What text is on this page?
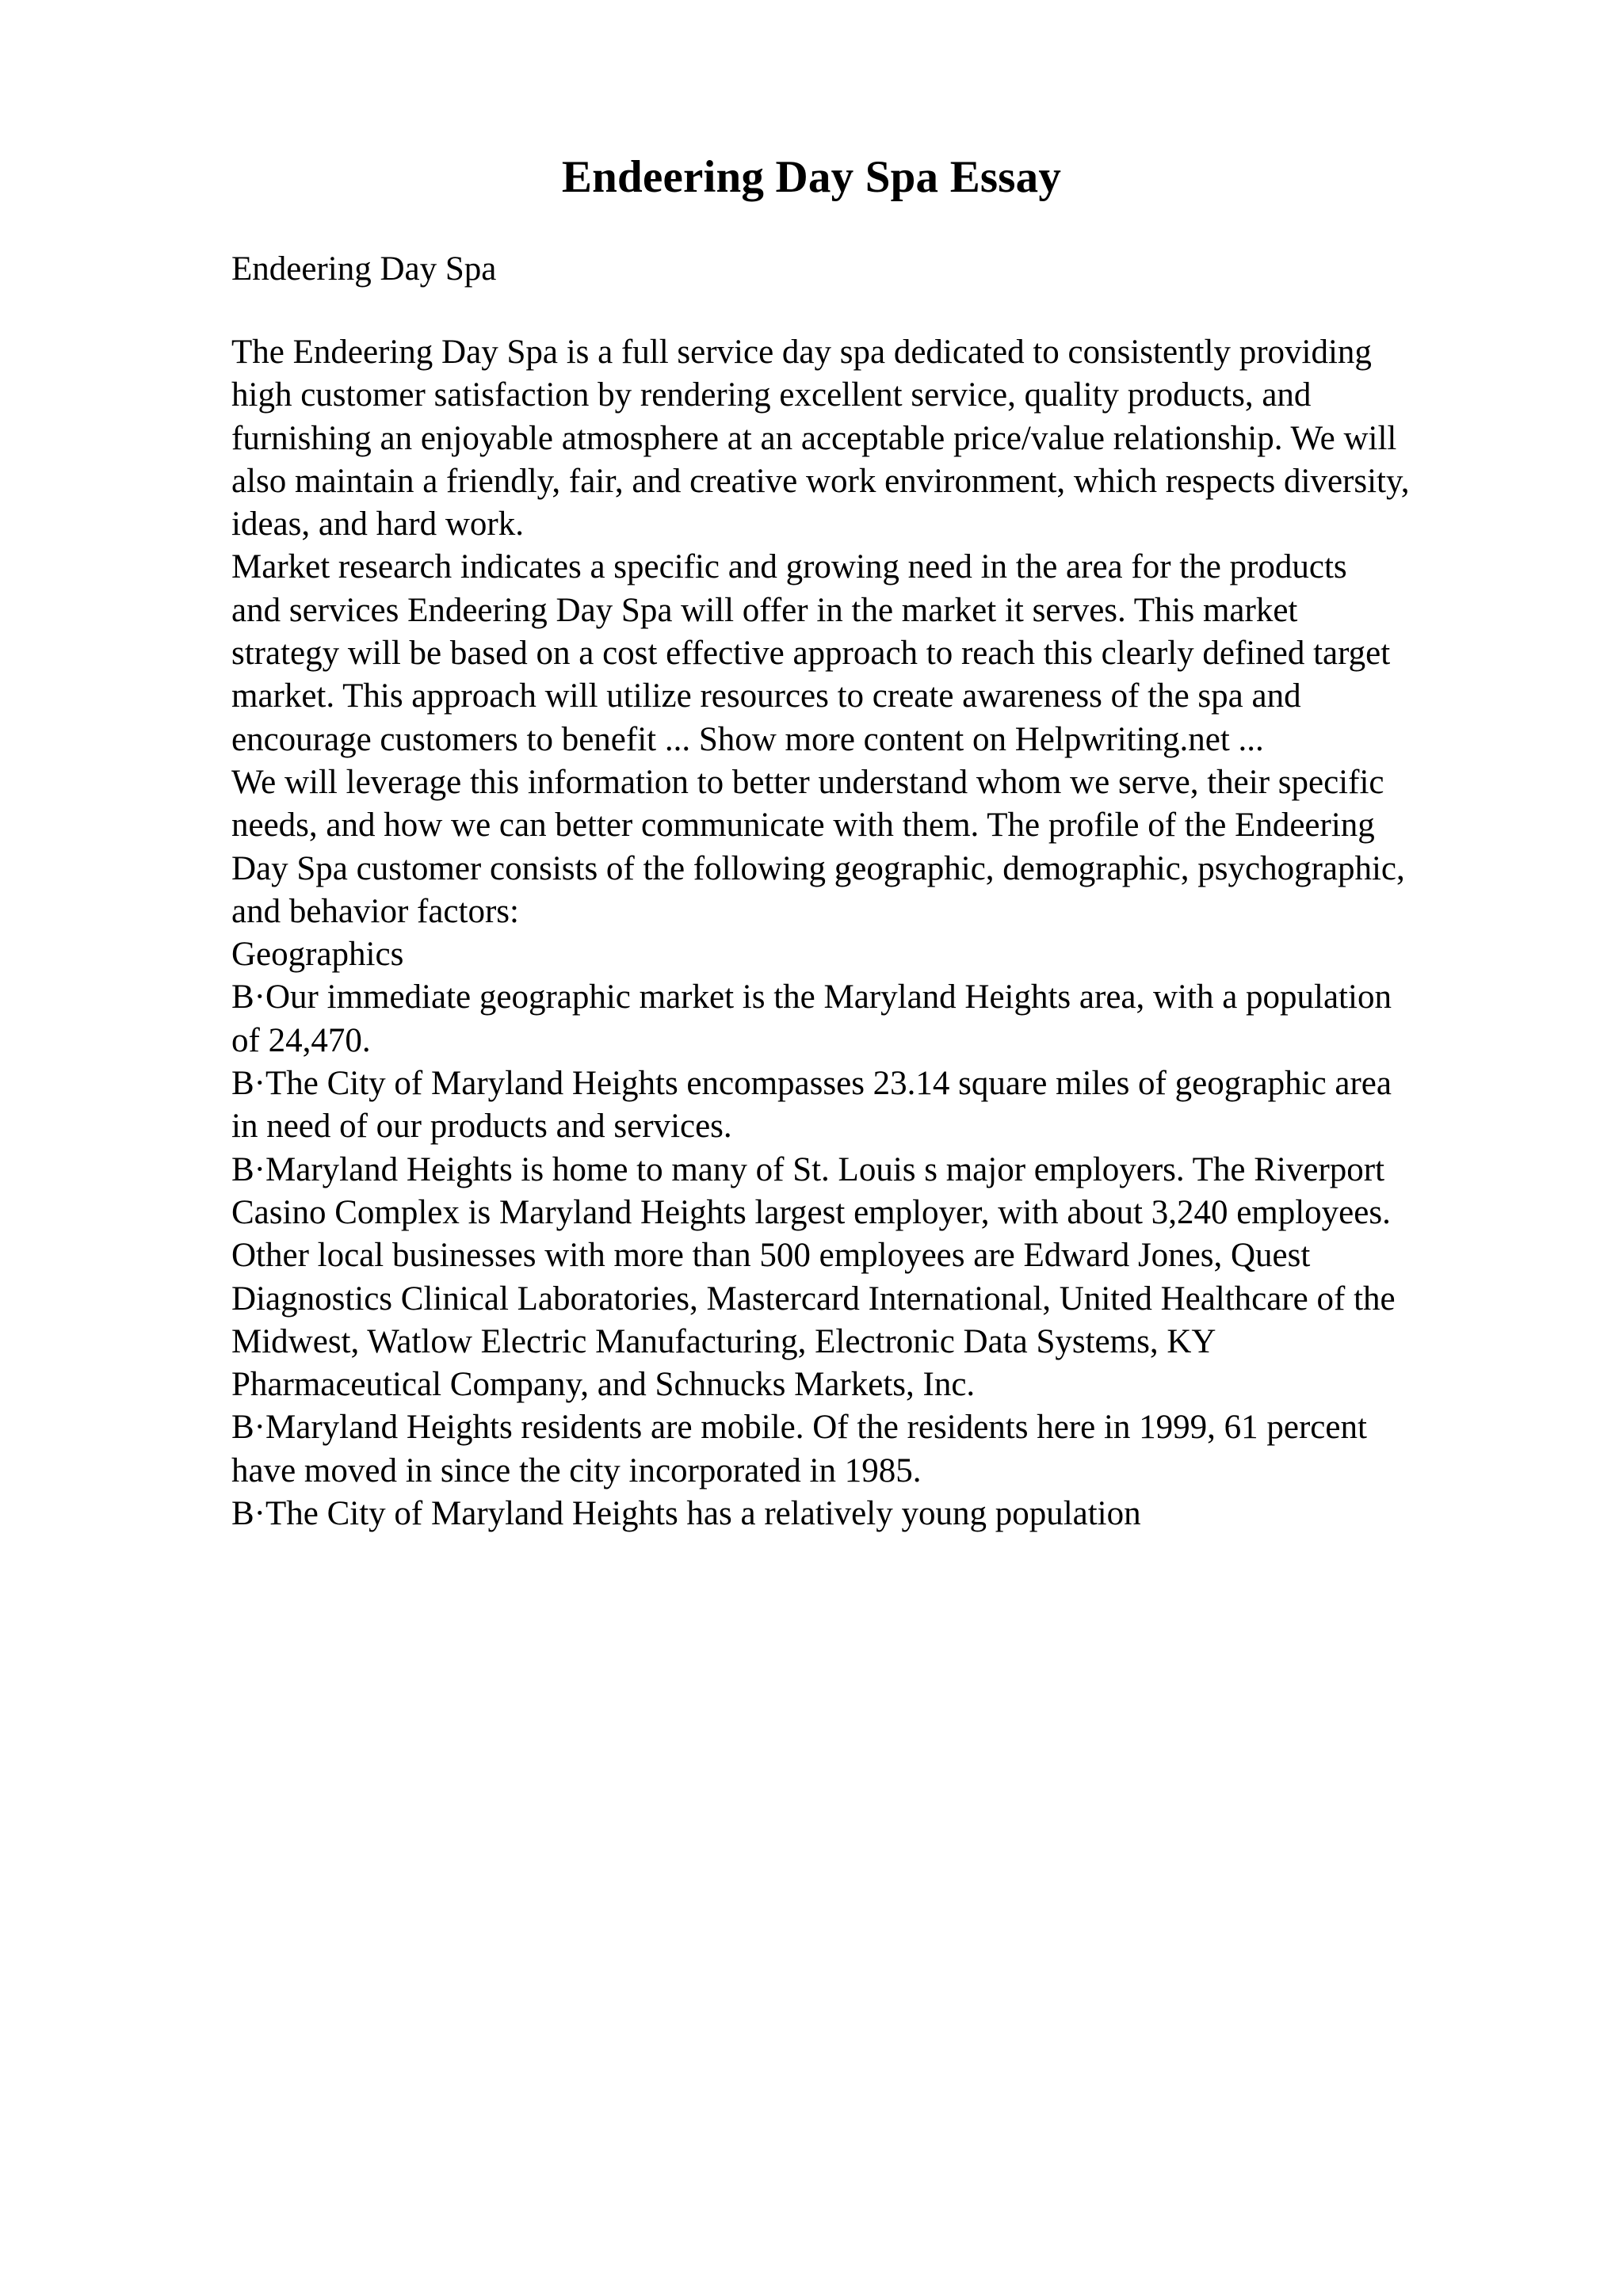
Endeering Day Spa Essay

Endeering Day Spa

The Endeering Day Spa is a full service day spa dedicated to consistently providing
high customer satisfaction by rendering excellent service, quality products, and
furnishing an enjoyable atmosphere at an acceptable price/value relationship. We will
also maintain a friendly, fair, and creative work environment, which respects diversity,
ideas, and hard work.
Market research indicates a specific and growing need in the area for the products
and services Endeering Day Spa will offer in the market it serves. This market
strategy will be based on a cost effective approach to reach this clearly defined target
market. This approach will utilize resources to create awareness of the spa and
encourage customers to benefit ... Show more content on Helpwriting.net ...
We will leverage this information to better understand whom we serve, their specific
needs, and how we can better communicate with them. The profile of the Endeering
Day Spa customer consists of the following geographic, demographic, psychographic,
and behavior factors:
Geographics
B·Our immediate geographic market is the Maryland Heights area, with a population
of 24,470.
B·The City of Maryland Heights encompasses 23.14 square miles of geographic area
in need of our products and services.
B·Maryland Heights is home to many of St. Louis s major employers. The Riverport
Casino Complex is Maryland Heights largest employer, with about 3,240 employees.
Other local businesses with more than 500 employees are Edward Jones, Quest
Diagnostics Clinical Laboratories, Mastercard International, United Healthcare of the
Midwest, Watlow Electric Manufacturing, Electronic Data Systems, KY
Pharmaceutical Company, and Schnucks Markets, Inc.
B·Maryland Heights residents are mobile. Of the residents here in 1999, 61 percent
have moved in since the city incorporated in 1985.
B·The City of Maryland Heights has a relatively young population
